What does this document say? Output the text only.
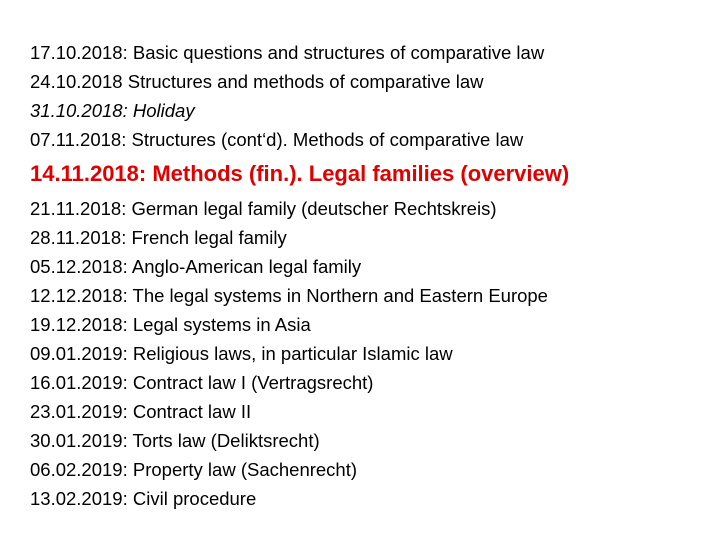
17.10.2018: Basic questions and structures of comparative law
24.10.2018 Structures and methods of comparative law
31.10.2018: Holiday
07.11.2018: Structures (cont‘d). Methods of comparative law
14.11.2018: Methods (fin.). Legal families (overview)
21.11.2018: German legal family (deutscher Rechtskreis)
28.11.2018: French legal family
05.12.2018: Anglo-American legal family
12.12.2018: The legal systems in Northern and Eastern Europe
19.12.2018: Legal systems in Asia
09.01.2019: Religious laws, in particular Islamic law
16.01.2019: Contract law I (Vertragsrecht)
23.01.2019: Contract law II
30.01.2019: Torts law (Deliktsrecht)
06.02.2019: Property law (Sachenrecht)
13.02.2019: Civil procedure
